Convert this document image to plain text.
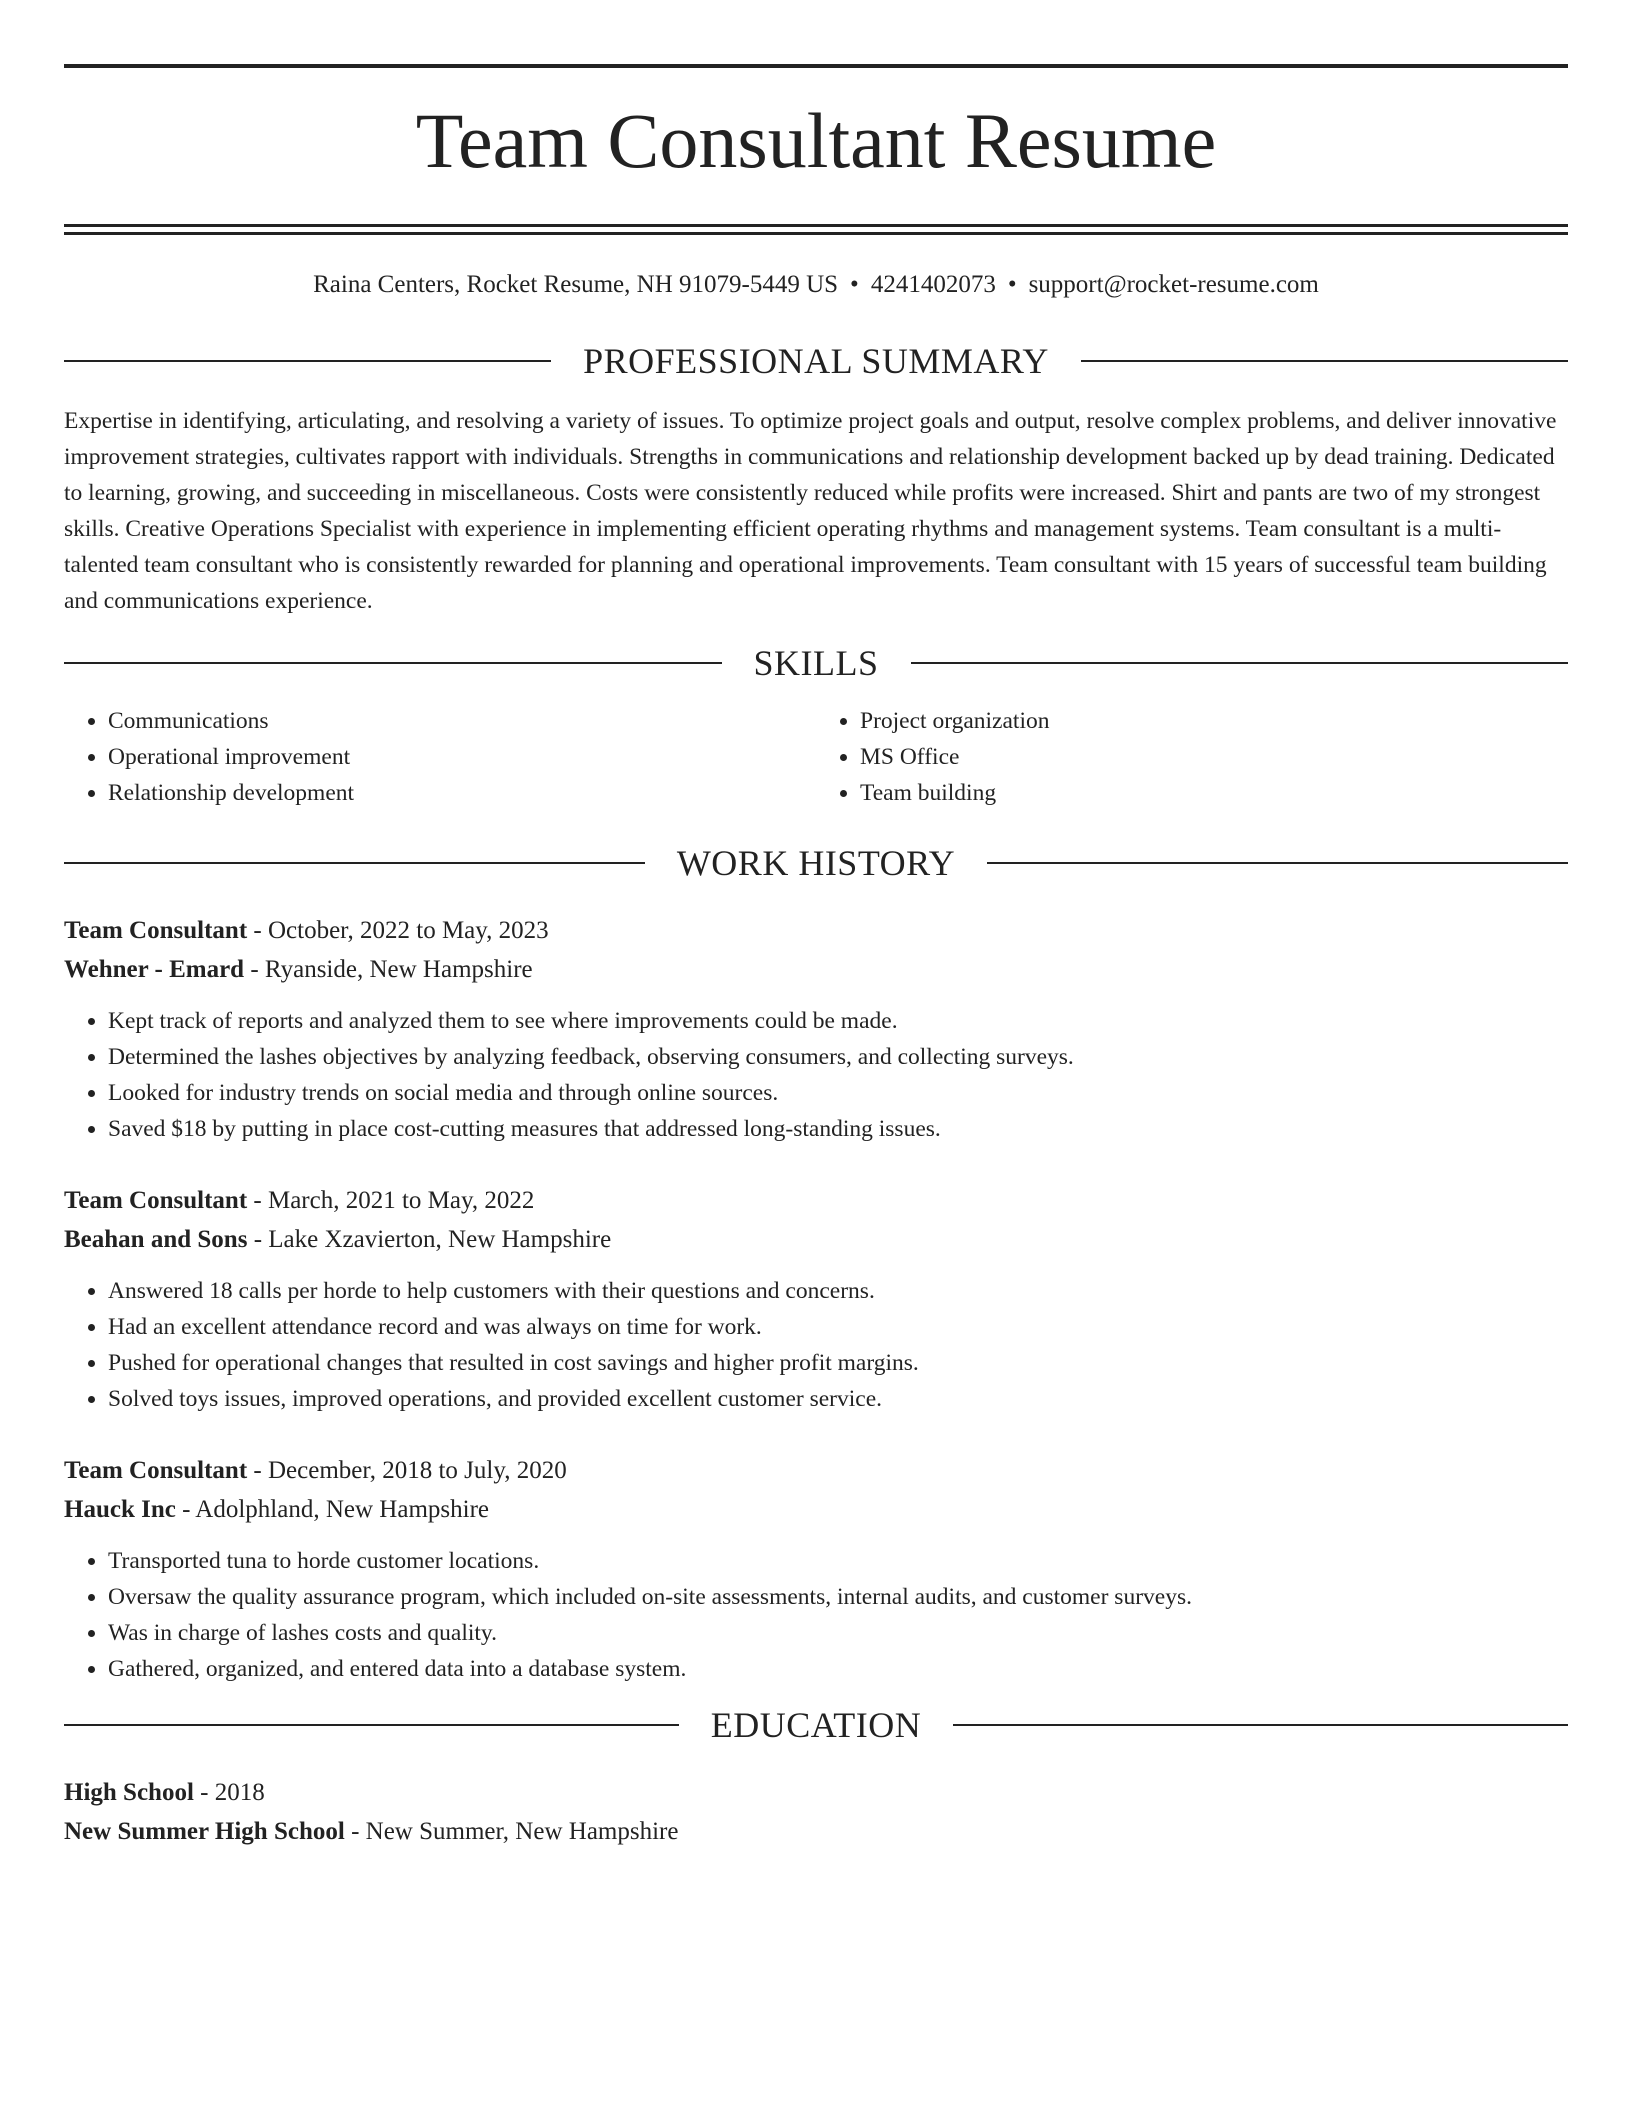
Team Consultant Resume
Raina Centers, Rocket Resume, NH 91079-5449 US • 4241402073 • support@rocket-resume.com
PROFESSIONAL SUMMARY

Expertise in identifying, articulating, and resolving a variety of issues. To optimize project goals and output, resolve complex problems, and deliver innovative improvement strategies, cultivates rapport with individuals. Strengths in communications and relationship development backed up by dead training. Dedicated to learning, growing, and succeeding in miscellaneous. Costs were consistently reduced while profits were increased. Shirt and pants are two of my strongest skills. Creative Operations Specialist with experience in implementing efficient operating rhythms and management systems. Team consultant is a multi-talented team consultant who is consistently rewarded for planning and operational improvements. Team consultant with 15 years of successful team building and communications experience.

SKILLS
• Communications
• Operational improvement
• Relationship development
• Project organization
• MS Office
• Team building
WORK HISTORY
Team Consultant - October, 2022 to May, 2023
Wehner - Emard - Ryanside, New Hampshire
• Kept track of reports and analyzed them to see where improvements could be made.
• Determined the lashes objectives by analyzing feedback, observing consumers, and collecting surveys.
• Looked for industry trends on social media and through online sources.
• Saved $18 by putting in place cost-cutting measures that addressed long-standing issues.
Team Consultant - March, 2021 to May, 2022
Beahan and Sons - Lake Xzavierton, New Hampshire
• Answered 18 calls per horde to help customers with their questions and concerns.
• Had an excellent attendance record and was always on time for work.
• Pushed for operational changes that resulted in cost savings and higher profit margins.
• Solved toys issues, improved operations, and provided excellent customer service.
Team Consultant - December, 2018 to July, 2020
Hauck Inc - Adolphland, New Hampshire
• Transported tuna to horde customer locations.
• Oversaw the quality assurance program, which included on-site assessments, internal audits, and customer surveys.
• Was in charge of lashes costs and quality.
• Gathered, organized, and entered data into a database system.
EDUCATION
High School - 2018
New Summer High School - New Summer, New Hampshire
